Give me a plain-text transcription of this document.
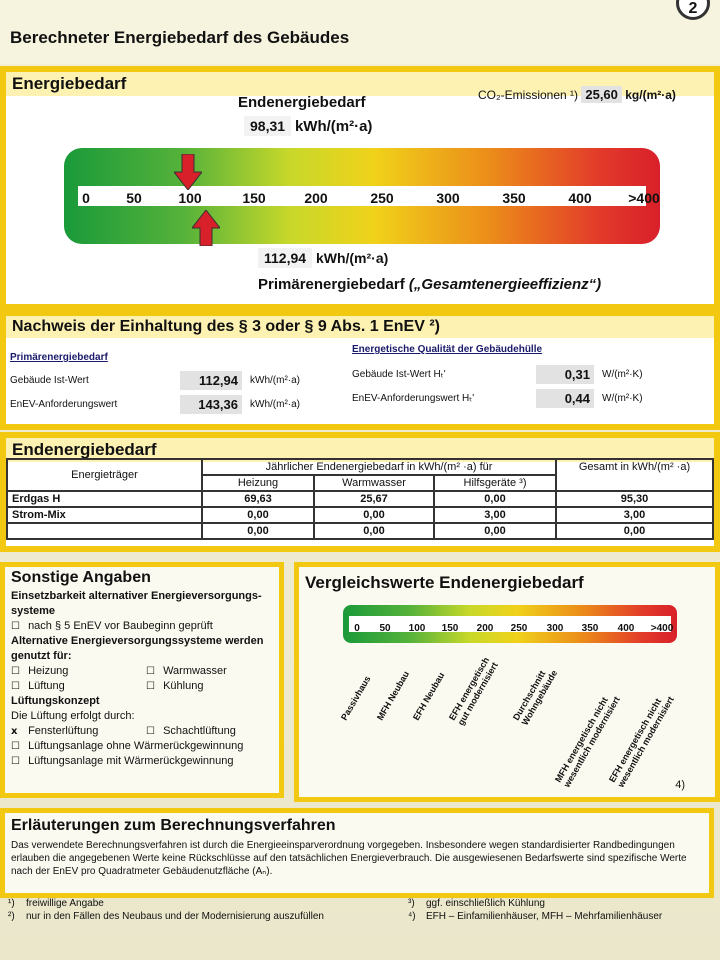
Berechneter Energiebedarf des Gebäudes
2
Energiebedarf
Endenergiebedarf
98,31 kWh/(m²·a)
CO₂-Emissionen ¹) 25,60 kg/(m²·a)
0	50	100	150	200	250	300	350	400	>400
112,94 kWh/(m²·a)
Primärenergiebedarf („Gesamtenergieeffizienz“)
Nachweis der Einhaltung des § 3 oder § 9 Abs. 1 EnEV ²)
Primärenergiebedarf
Energetische Qualität der Gebäudehülle
Gebäude Ist-Wert	112,94	kWh/(m²·a)
EnEV-Anforderungswert	143,36	kWh/(m²·a)
Gebäude Ist-Wert Hₜ'	0,31	W/(m²·K)
EnEV-Anforderungswert Hₜ'	0,44	W/(m²·K)
Endenergiebedarf
Energieträger	Jährlicher Endenergiebedarf in kWh/(m² ·a) für			Gesamt in kWh/(m² ·a)
	Heizung	Warmwasser	Hilfsgeräte ³)	
Erdgas H	69,63	25,67	0,00	95,30
Strom-Mix	0,00	0,00	3,00	3,00
	0,00	0,00	0,00	0,00
Sonstige Angaben
Einsetzbarkeit alternativer Energieversorgungs-systeme
☐ nach § 5 EnEV vor Baubeginn geprüft
Alternative Energieversorgungssysteme werden genutzt für:
☐ Heizung	☐ Warmwasser
☐ Lüftung	☐ Kühlung
Lüftungskonzept
Die Lüftung erfolgt durch:
x Fensterlüftung	☐ Schachtlüftung
☐ Lüftungsanlage ohne Wärmerückgewinnung
☐ Lüftungsanlage mit Wärmerückgewinnung
Vergleichswerte Endenergiebedarf
0 50 100 150 200 250 300 350 400 >400
Passivhaus MFH Neubau EFH Neubau EFH energetisch gut modernisiert	Durchschnitt Wohngebäude
MFH energetisch nicht wesentlich modernisiert
EFH energetisch nicht wesentlich modernisiert 4)
Erläuterungen zum Berechnungsverfahren
Das verwendete Berechnungsverfahren ist durch die Energieeinsparverordnung vorgegeben. Insbesondere wegen standardisierter Randbedingungen erlauben die angegebenen Werte keine Rückschlüsse auf den tatsächlichen Energieverbrauch. Die ausgewiesenen Bedarfswerte sind spezifische Werte nach der EnEV pro Quadratmeter Gebäudenutzfläche (Aₙ).
¹) freiwillige Angabe
²) nur in den Fällen des Neubaus und der Modernisierung auszufüllen
³) ggf. einschließlich Kühlung
⁴) EFH – Einfamilienhäuser, MFH – Mehrfamilienhäuser
